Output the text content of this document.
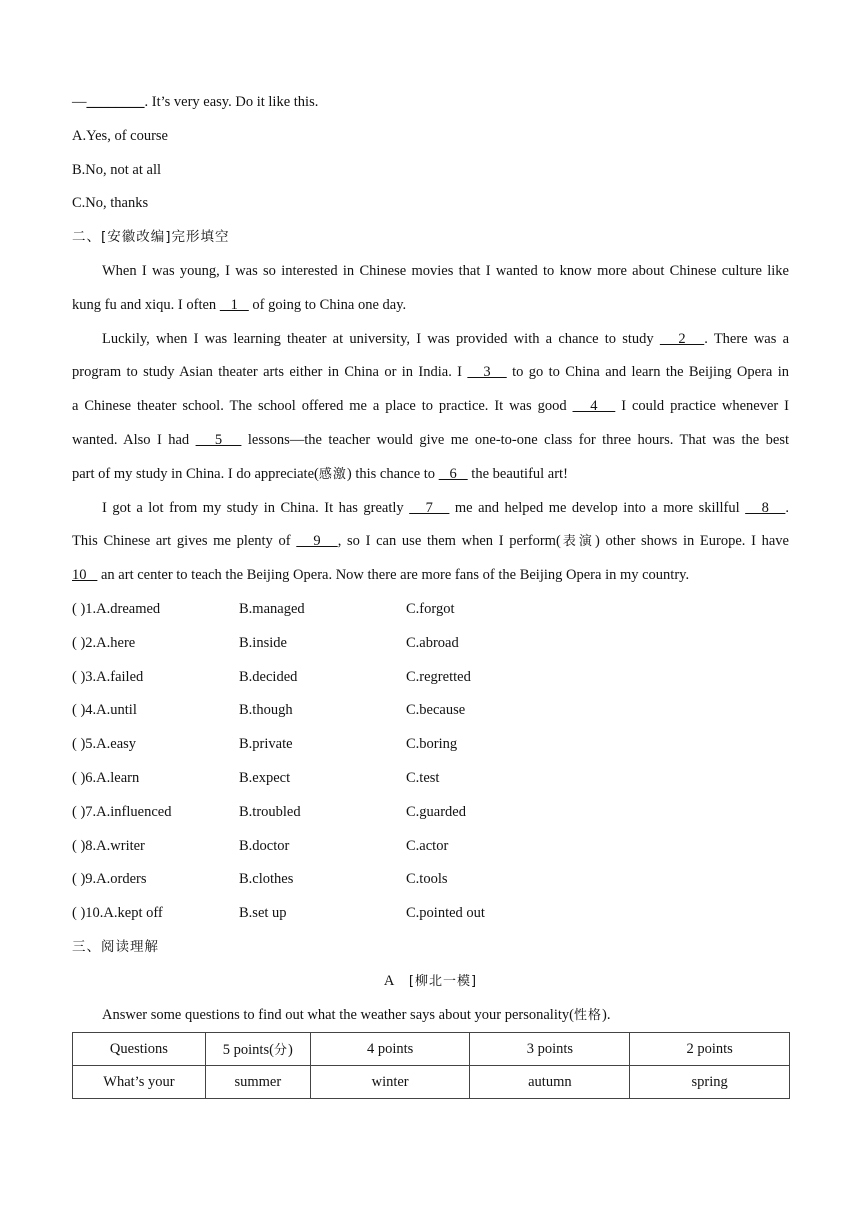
—________. It’s very easy. Do it like this.
A.Yes, of course
B.No, not at all
C.No, thanks
二、[安徽改编]完形填空
When I was young, I was so interested in Chinese movies that I wanted to know more about Chinese culture like
kung fu and xiqu. I often    1    of going to China one day.
Luckily, when I was learning theater at university, I was provided with a chance to study    2   . There was a
program to study Asian theater arts either in China or in India. I    3    to go to China and learn the Beijing Opera in
a Chinese theater school. The school offered me a place to practice. It was good    4    I could practice whenever I
wanted. Also I had    5    lessons—the teacher would give me one-to-one class for three hours. That was the best
part of my study in China. I do appreciate(感激) this chance to    6    the beautiful art!
I got a lot from my study in China. It has greatly    7    me and helped me develop into a more skillful    8   .
This Chinese art gives me plenty of    9   , so I can use them when I perform(表演) other shows in Europe. I have
10    an art center to teach the Beijing Opera. Now there are more fans of the Beijing Opera in my country.
( )1.A.dreamed	B.managed	C.forgot
( )2.A.here	B.inside	C.abroad
( )3.A.failed	B.decided	C.regretted
( )4.A.until	B.though	C.because
( )5.A.easy	B.private	C.boring
( )6.A.learn	B.expect	C.test
( )7.A.influenced	B.troubled	C.guarded
( )8.A.writer	B.doctor	C.actor
( )9.A.orders	B.clothes	C.tools
( )10.A.kept off	B.set up	C.pointed out
三、阅读理解
A [柳北一模]
Answer some questions to find out what the weather says about your personality(性格).
Questions	5 points(分)	4 points	3 points	2 points
What’s your	summer	winter	autumn	spring
